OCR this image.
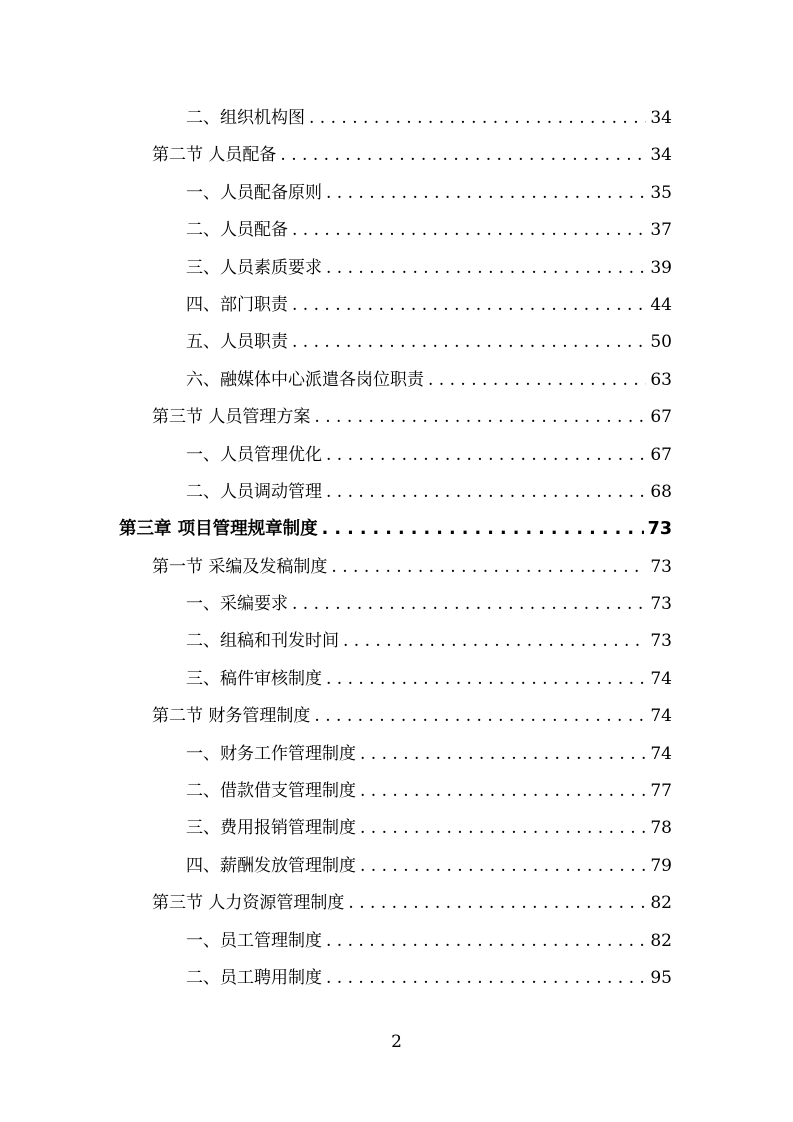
二、组织机构图 . . .	34
第二节 人员配备 . . .	34
一、人员配备原则 . . .	35
二、人员配备 . . .	37
三、人员素质要求 . . .	39
四、部门职责 . . .	44
五、人员职责 . . .	50
六、融媒体中心派遣各岗位职责 . . .	63
第三节 人员管理方案 . . .	67
一、人员管理优化 . . .	67
二、人员调动管理 . . .	68
第三章 项目管理规章制度 . . .	73
第一节 采编及发稿制度 . . .	73
一、采编要求 . . .	73
二、组稿和刊发时间 . . .	73
三、稿件审核制度 . . .	74
第二节 财务管理制度 . . .	74
一、财务工作管理制度 . . .	74
二、借款借支管理制度 . . .	77
三、费用报销管理制度 . . .	78
四、薪酬发放管理制度 . . .	79
第三节 人力资源管理制度 . . .	82
一、员工管理制度 . . .	82
二、员工聘用制度 . . .	95
2
